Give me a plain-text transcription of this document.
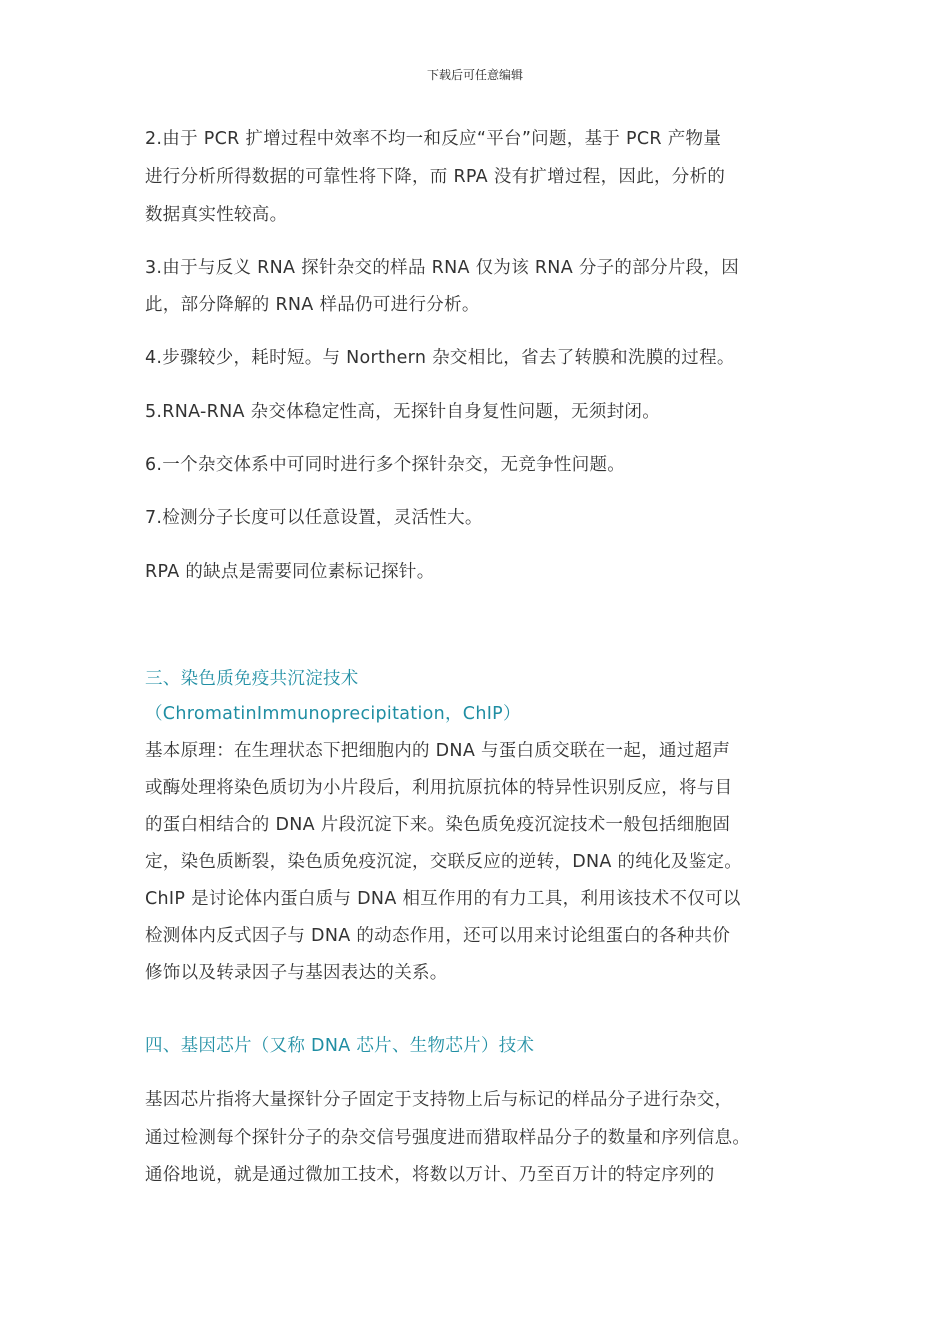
下载后可任意编辑
2.由于 PCR 扩增过程中效率不均一和反应“平台”问题，基于 PCR 产物量
进行分析所得数据的可靠性将下降，而 RPA 没有扩增过程，因此，分析的
数据真实性较高。
3.由于与反义 RNA 探针杂交的样品 RNA 仅为该 RNA 分子的部分片段，因
此，部分降解的 RNA 样品仍可进行分析。
4.步骤较少，耗时短。与 Northern 杂交相比，省去了转膜和洗膜的过程。
5.RNA-RNA 杂交体稳定性高，无探针自身复性问题，无须封闭。
6.一个杂交体系中可同时进行多个探针杂交，无竞争性问题。
7.检测分子长度可以任意设置，灵活性大。
RPA 的缺点是需要同位素标记探针。
三、染色质免疫共沉淀技术
（ChromatinImmunoprecipitation，ChIP）
基本原理：在生理状态下把细胞内的 DNA 与蛋白质交联在一起，通过超声
或酶处理将染色质切为小片段后，利用抗原抗体的特异性识别反应，将与目
的蛋白相结合的 DNA 片段沉淀下来。染色质免疫沉淀技术一般包括细胞固
定，染色质断裂，染色质免疫沉淀，交联反应的逆转，DNA 的纯化及鉴定。
ChIP 是讨论体内蛋白质与 DNA 相互作用的有力工具，利用该技术不仅可以
检测体内反式因子与 DNA 的动态作用，还可以用来讨论组蛋白的各种共价
修饰以及转录因子与基因表达的关系。
四、基因芯片（又称 DNA 芯片、生物芯片）技术
基因芯片指将大量探针分子固定于支持物上后与标记的样品分子进行杂交，
通过检测每个探针分子的杂交信号强度进而猎取样品分子的数量和序列信息。
通俗地说，就是通过微加工技术，将数以万计、乃至百万计的特定序列的
